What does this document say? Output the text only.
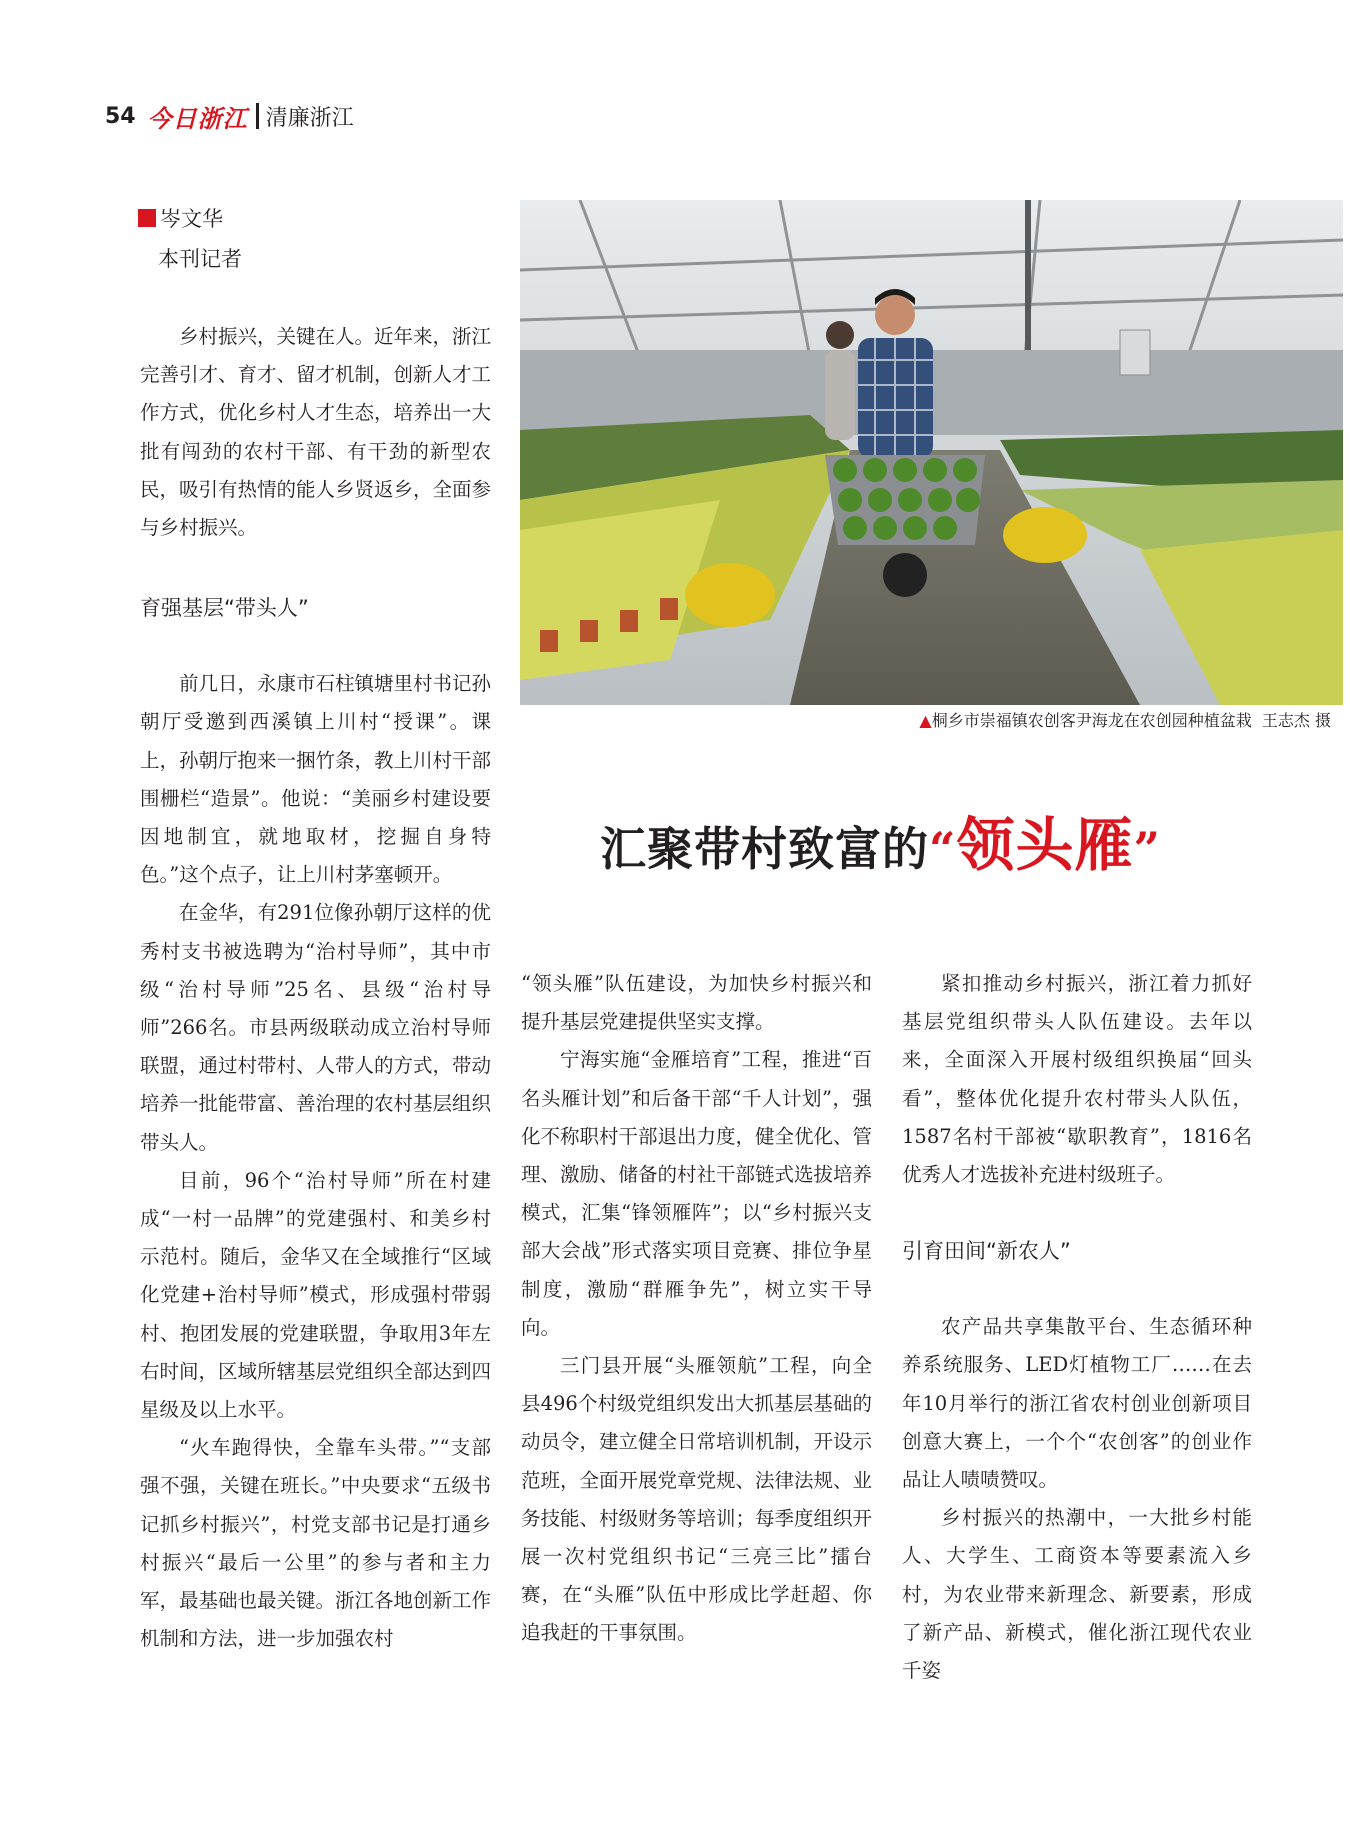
54 今日浙江 清廉浙江
岑文华
本刊记者

乡村振兴，关键在人。近年来，浙江完善引才、育才、留才机制，创新人才工作方式，优化乡村人才生态，培养出一大批有闯劲的农村干部、有干劲的新型农民，吸引有热情的能人乡贤返乡，全面参与乡村振兴。

育强基层“带头人”

前几日，永康市石柱镇塘里村书记孙朝厅受邀到西溪镇上川村“授课”。课上，孙朝厅抱来一捆竹条，教上川村干部围栅栏“造景”。他说：“美丽乡村建设要因地制宜，就地取材，挖掘自身特色。”这个点子，让上川村茅塞顿开。

在金华，有291位像孙朝厅这样的优秀村支书被选聘为“治村导师”，其中市级“治村导师”25名、县级“治村导师”266名。市县两级联动成立治村导师联盟，通过村带村、人带人的方式，带动培养一批能带富、善治理的农村基层组织带头人。

目前，96个“治村导师”所在村建成“一村一品牌”的党建强村、和美乡村示范村。随后，金华又在全域推行“区域化党建+治村导师”模式，形成强村带弱村、抱团发展的党建联盟，争取用3年左右时间，区域所辖基层党组织全部达到四星级及以上水平。

“火车跑得快，全靠车头带。”“支部强不强，关键在班长。”中央要求“五级书记抓乡村振兴”，村党支部书记是打通乡村振兴“最后一公里”的参与者和主力军，最基础也最关键。浙江各地创新工作机制和方法，进一步加强农村

▲桐乡市崇福镇农创客尹海龙在农创园种植盆栽 王志杰 摄
汇聚带村致富的“领头雁”

“领头雁”队伍建设，为加快乡村振兴和提升基层党建提供坚实支撑。

宁海实施“金雁培育”工程，推进“百名头雁计划”和后备干部“千人计划”，强化不称职村干部退出力度，健全优化、管理、激励、储备的村社干部链式选拔培养模式，汇集“锋领雁阵”；以“乡村振兴支部大会战”形式落实项目竞赛、排位争星制度，激励“群雁争先”，树立实干导向。

三门县开展“头雁领航”工程，向全县496个村级党组织发出大抓基层基础的动员令，建立健全日常培训机制，开设示范班，全面开展党章党规、法律法规、业务技能、村级财务等培训；每季度组织开展一次村党组织书记“三亮三比”擂台赛，在“头雁”队伍中形成比学赶超、你追我赶的干事氛围。

紧扣推动乡村振兴，浙江着力抓好基层党组织带头人队伍建设。去年以来，全面深入开展村级组织换届“回头看”，整体优化提升农村带头人队伍，1587名村干部被“歇职教育”，1816名优秀人才选拔补充进村级班子。

引育田间“新农人”

农产品共享集散平台、生态循环种养系统服务、LED灯植物工厂……在去年10月举行的浙江省农村创业创新项目创意大赛上，一个个“农创客”的创业作品让人啧啧赞叹。

乡村振兴的热潮中，一大批乡村能人、大学生、工商资本等要素流入乡村，为农业带来新理念、新要素，形成了新产品、新模式，催化浙江现代农业千姿
